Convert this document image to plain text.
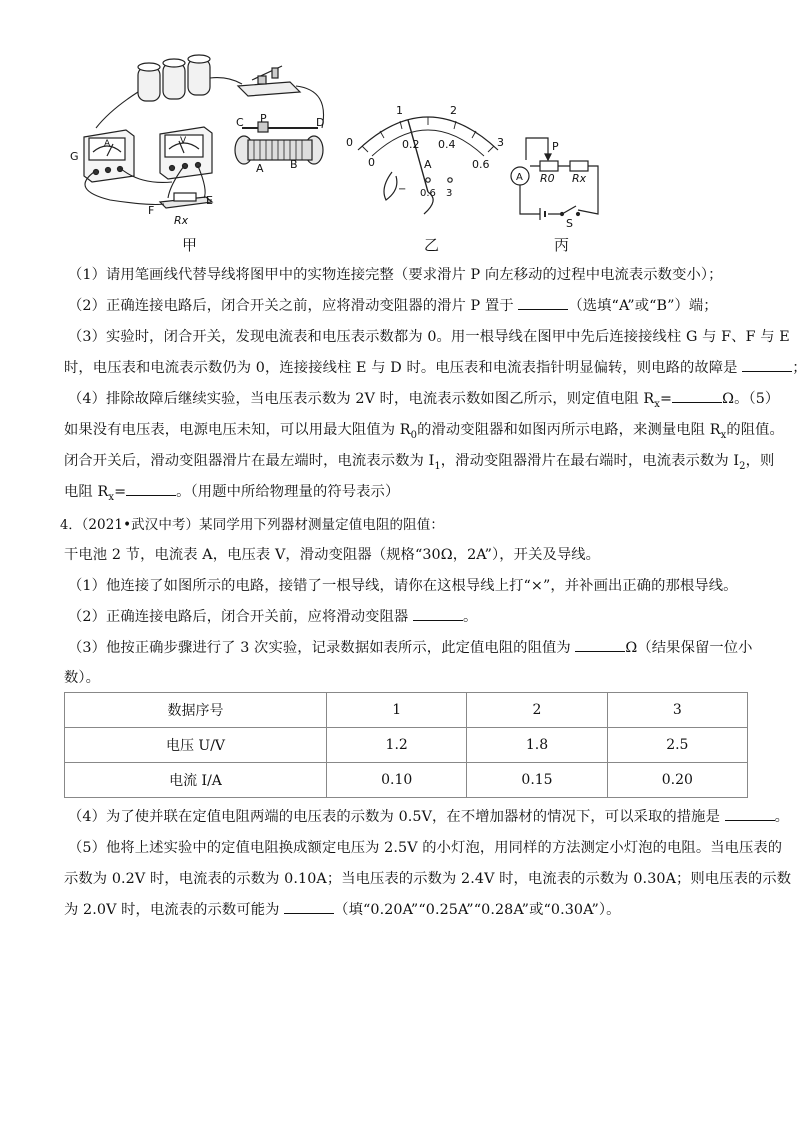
G
F
E
C P	D
A B
Rx
A	V
1	2
3
0
0
0.2 0.4
0.6
A
0.6 3
−
A
P
R0 Rx
S
甲	乙	丙
（1）请用笔画线代替导线将图甲中的实物连接完整（要求滑片 P 向左移动的过程中电流表示数变小）；
（2）正确连接电路后，闭合开关之前，应将滑动变阻器的滑片 P 置于	（选填“A”或“B”）端；
（3）实验时，闭合开关，发现电流表和电压表示数都为 0。用一根导线在图甲中先后连接接线柱 G 与 F、F 与 E
时，电压表和电流表示数仍为 0，连接接线柱 E 与 D 时。电压表和电流表指针明显偏转，则电路的故障是	；
（4）排除故障后继续实验，当电压表示数为 2V 时，电流表示数如图乙所示，则定值电阻 $R_x=$	Ω。（5）
如果没有电压表，电源电压未知，可以用最大阻值为 $R_0$的滑动变阻器和如图丙所示电路，来测量电阻 $R_x$的阻值。
闭合开关后，滑动变阻器滑片在最左端时，电流表示数为 $I_1$，滑动变阻器滑片在最右端时，电流表示数为 $I_2$，则
电阻 $R_x=$	。（用题中所给物理量的符号表示）
4．（2021•武汉中考）某同学用下列器材测量定值电阻的阻值：
干电池 2 节，电流表 A，电压表 V，滑动变阻器（规格“30Ω，2A”），开关及导线。
（1）他连接了如图所示的电路，接错了一根导线，请你在这根导线上打“×”，并补画出正确的那根导线。
（2）正确连接电路后，闭合开关前，应将滑动变阻器	。
（3）他按正确步骤进行了 3 次实验，记录数据如表所示，此定值电阻的阻值为	Ω（结果保留一位小
数）。
数据序号	1	2	3
电压 U/V	1.2	1.8	2.5
电流 I/A	0.10	0.15	0.20
（4）为了使并联在定值电阻两端的电压表的示数为 0.5V，在不增加器材的情况下，可以采取的措施是	。
（5）他将上述实验中的定值电阻换成额定电压为 2.5V 的小灯泡，用同样的方法测定小灯泡的电阻。当电压表的
示数为 0.2V 时，电流表的示数为 0.10A；当电压表的示数为 2.4V 时，电流表的示数为 0.30A；则电压表的示数
为 2.0V 时，电流表的示数可能为	（填“0.20A”“0.25A”“0.28A”或“0.30A”）。
